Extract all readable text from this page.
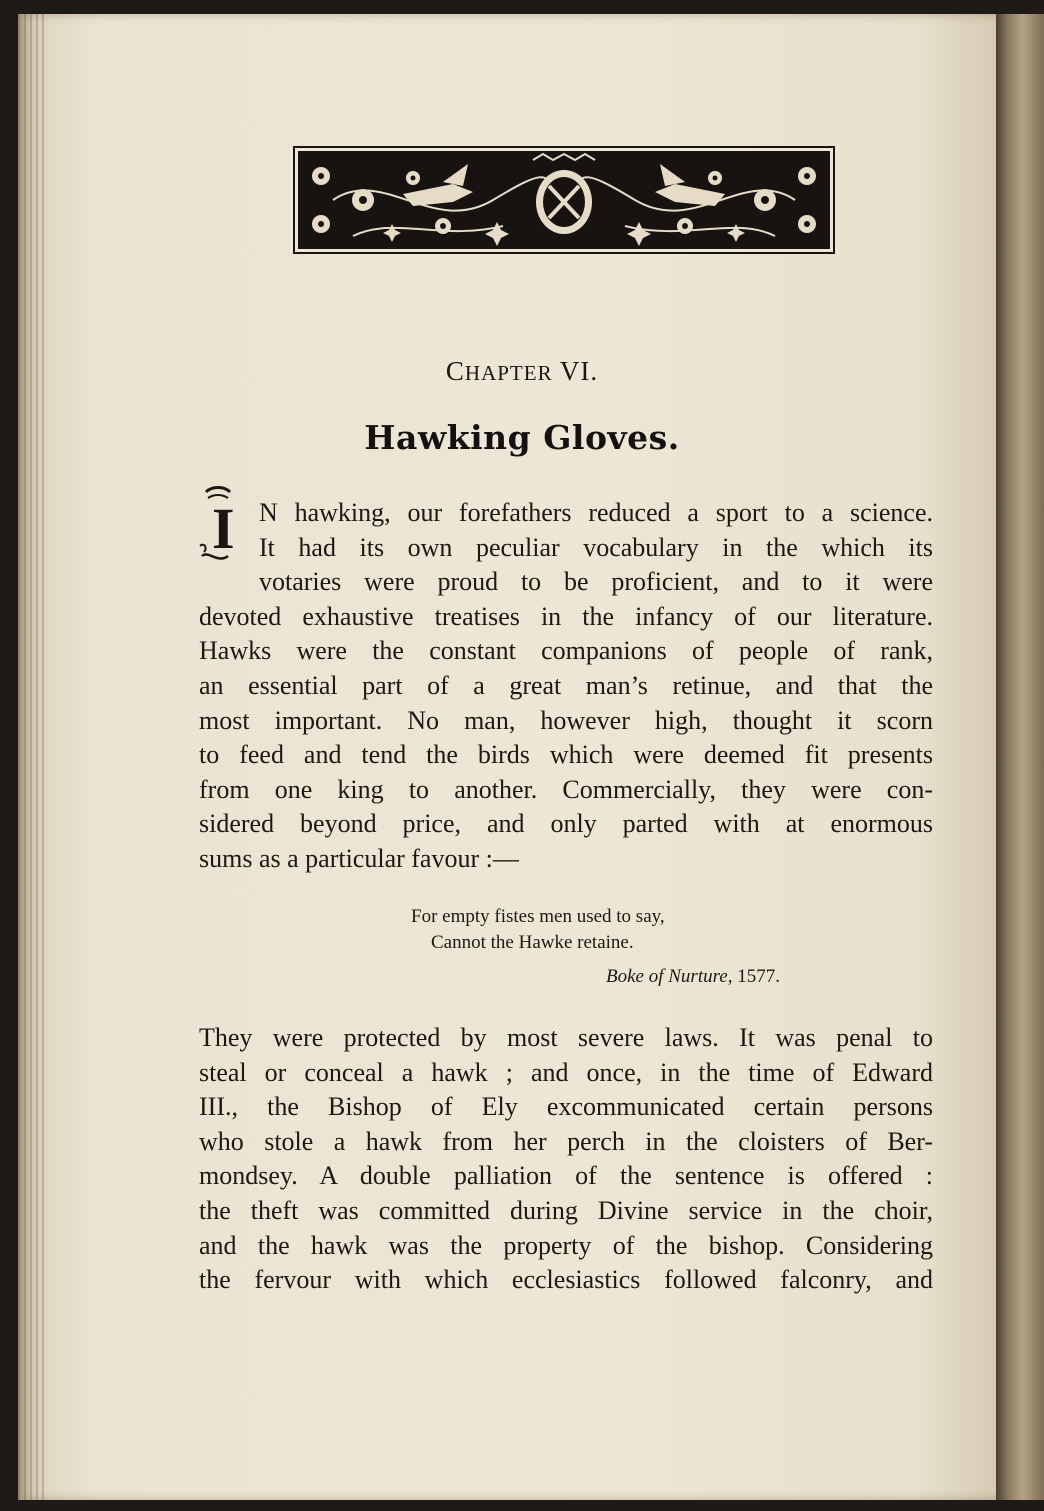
CHAPTER VI.
Hawking Gloves.
I N hawking, our forefathers reduced a sport to a science.
It had its own peculiar vocabulary in the which its
votaries were proud to be proficient, and to it were
devoted exhaustive treatises in the infancy of our literature.
Hawks were the constant companions of people of rank,
an essential part of a great man’s retinue, and that the
most important. No man, however high, thought it scorn
to feed and tend the birds which were deemed fit presents
from one king to another. Commercially, they were con-
sidered beyond price, and only parted with at enormous
sums as a particular favour :—
For empty fistes men used to say,
Cannot the Hawke retaine.
Boke of Nurture, 1577.
They were protected by most severe laws. It was penal to
steal or conceal a hawk ; and once, in the time of Edward
III., the Bishop of Ely excommunicated certain persons
who stole a hawk from her perch in the cloisters of Ber-
mondsey. A double palliation of the sentence is offered :
the theft was committed during Divine service in the choir,
and the hawk was the property of the bishop. Considering
the fervour with which ecclesiastics followed falconry, and
